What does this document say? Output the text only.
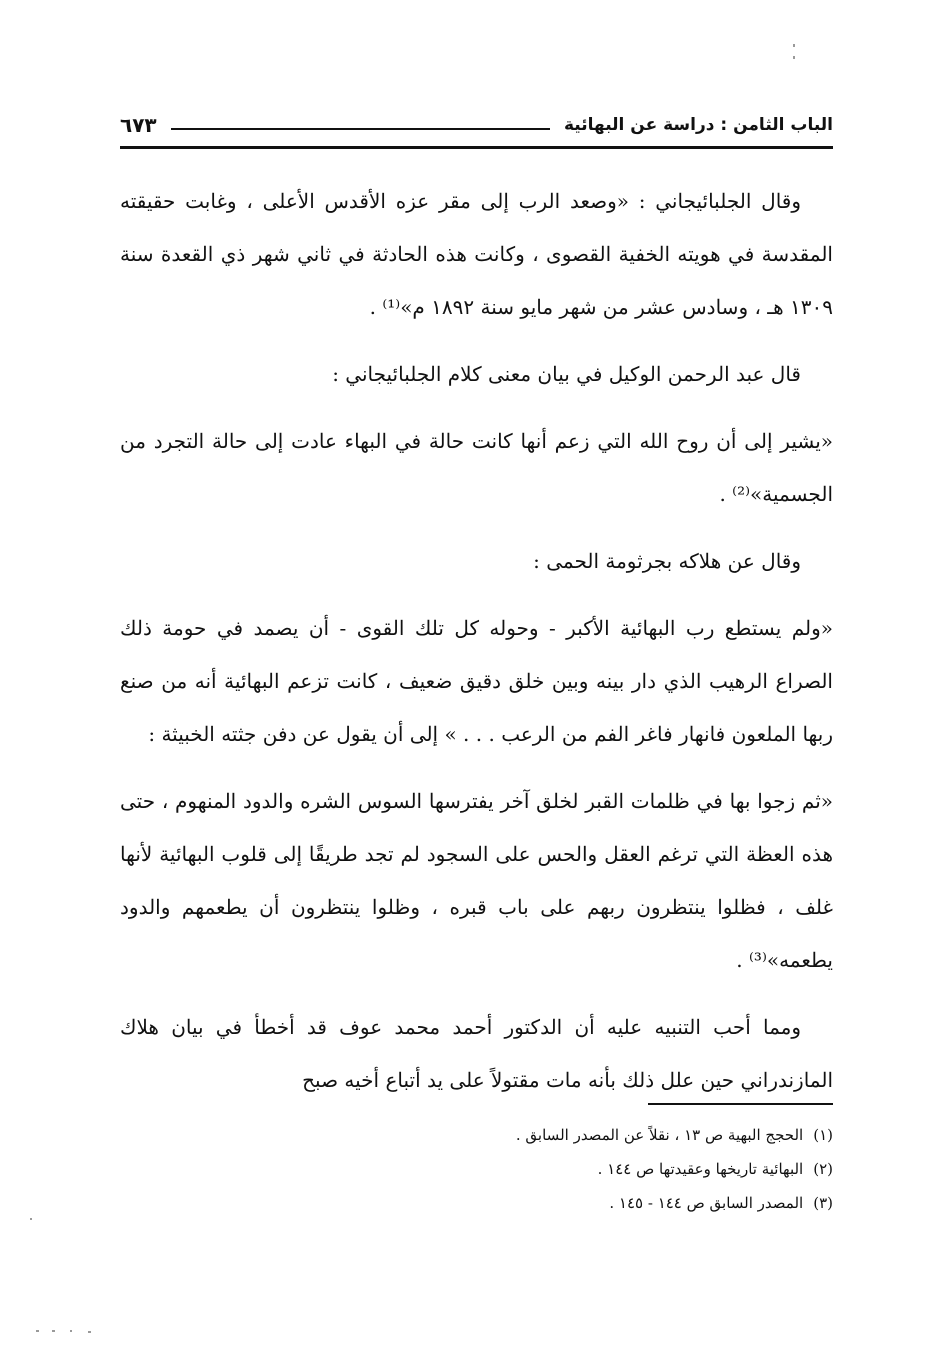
الباب الثامن : دراسة عن البهائية
٦٧٣

وقال الجلبائيجاني : «وصعد الرب إلى مقر عزه الأقدس الأعلى ، وغابت حقيقته المقدسة في هويته الخفية القصوى ، وكانت هذه الحادثة في ثاني شهر ذي القعدة سنة ١٣٠٩ هـ ، وسادس عشر من شهر مايو سنة ١٨٩٢ م»⁽¹⁾ .

قال عبد الرحمن الوكيل في بيان معنى كلام الجلبائيجاني :

«يشير إلى أن روح الله التي زعم أنها كانت حالة في البهاء عادت إلى حالة التجرد من الجسمية»⁽²⁾ .

وقال عن هلاكه بجرثومة الحمى :

«ولم يستطع رب البهائية الأكبر - وحوله كل تلك القوى - أن يصمد في حومة ذلك الصراع الرهيب الذي دار بينه وبين خلق دقيق ضعيف ، كانت تزعم البهائية أنه من صنع ربها الملعون فانهار فاغر الفم من الرعب . . . » إلى أن يقول عن دفن جثته الخبيثة :

«ثم زجوا بها في ظلمات القبر لخلق آخر يفترسها السوس الشره والدود المنهوم ، حتى هذه العظة التي ترغم العقل والحس على السجود لم تجد طريقًا إلى قلوب البهائية لأنها غلف ، فظلوا ينتظرون ربهم على باب قبره ، وظلوا ينتظرون أن يطعمهم والدود يطعمه»⁽³⁾ .

ومما أحب التنبيه عليه أن الدكتور أحمد محمد عوف قد أخطأ في بيان هلاك المازندراني حين علل ذلك بأنه مات مقتولاً على يد أتباع أخيه صبح

(١)الحجج البهية ص ١٣ ، نقلاً عن المصدر السابق .
(٢)البهائية تاريخها وعقيدتها ص ١٤٤ .
(٣)المصدر السابق ص ١٤٤ - ١٤٥ .
